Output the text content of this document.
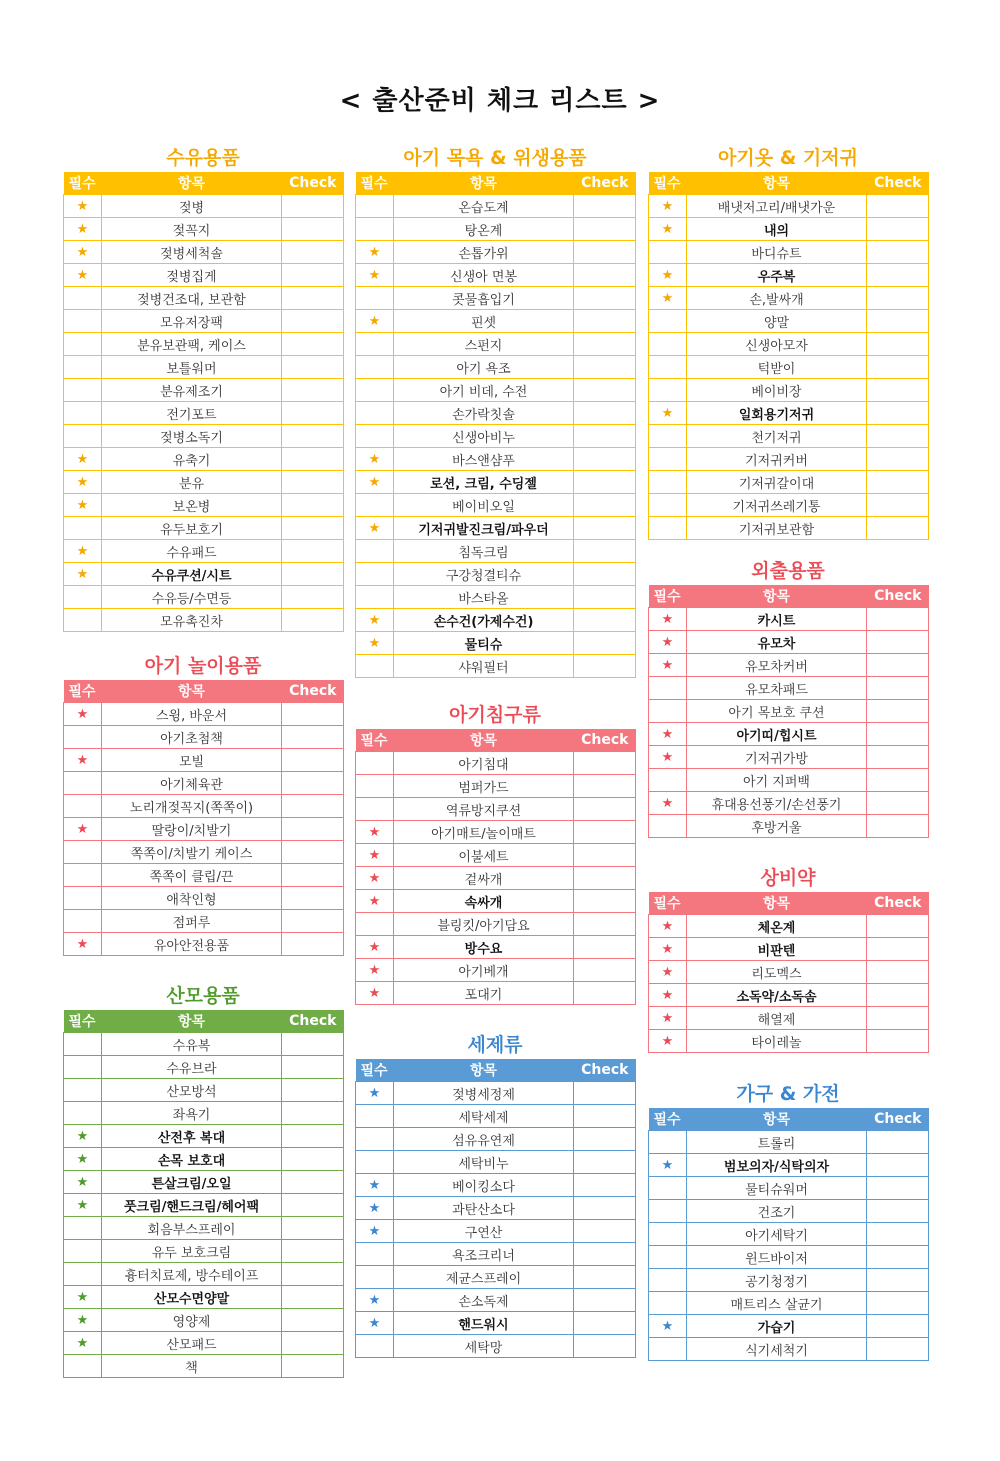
< 출산준비 체크 리스트 >
수유용품
필수	항목	Check
★	젖병	
★	젖꼭지	
★	젖병세척솔	
★	젖병집게	
	젖병건조대, 보관함	
	모유저장팩	
	분유보관팩, 케이스	
	보틀워머	
	분유제조기	
	전기포트	
	젖병소독기	
★	유축기	
★	분유	
★	보온병	
	유두보호기	
★	수유패드	
★	수유쿠션/시트	
	수유등/수면등	
	모유촉진차	
아기 목욕 & 위생용품
필수	항목	Check
	온습도계	
	탕온계	
★	손톱가위	
★	신생아 면봉	
	콧물흡입기	
★	핀셋	
	스펀지	
	아기 욕조	
	아기 비데, 수전	
	손가락칫솔	
	신생아비누	
★	바스앤샴푸	
★	로션, 크림, 수딩젤	
	베이비오일	
★	기저귀발진크림/파우더	
	침독크림	
	구강청결티슈	
	바스타올	
★	손수건(가제수건)	
★	물티슈	
	샤워필터	
아기옷 & 기저귀
필수	항목	Check
★	배냇저고리/배냇가운	
★	내의	
	바디슈트	
★	우주복	
★	손,발싸개	
	양말	
	신생아모자	
	턱받이	
	베이비장	
★	일회용기저귀	
	천기저귀	
	기저귀커버	
	기저귀갈이대	
	기저귀쓰레기통	
	기저귀보관함	
아기 놀이용품
필수	항목	Check
★	스윙, 바운서	
	아기초첨책	
★	모빌	
	아기체육관	
	노리개젖꼭지(쪽쪽이)	
★	딸랑이/치발기	
	쪽쪽이/치발기 케이스	
	쪽쪽이 클립/끈	
	애착인형	
	점퍼루	
★	유아안전용품	
아기침구류
필수	항목	Check
	아기침대	
	범퍼가드	
	역류방지쿠션	
★	아기매트/놀이매트	
★	이불세트	
★	겉싸개	
★	속싸개	
	블링킷/아기담요	
★	방수요	
★	아기베개	
★	포대기	
외출용품
필수	항목	Check
★	카시트	
★	유모차	
★	유모차커버	
	유모차패드	
	아기 목보호 쿠션	
★	아기띠/힙시트	
★	기저귀가방	
	아기 지퍼백	
★	휴대용선풍기/손선풍기	
	후방거울	
상비약
필수	항목	Check
★	체온계	
★	비판텐	
★	리도멕스	
★	소독약/소독솜	
★	해열제	
★	타이레놀	
산모용품
필수	항목	Check
	수유복	
	수유브라	
	산모방석	
	좌욕기	
★	산전후 복대	
★	손목 보호대	
★	튼살크림/오일	
★	풋크림/핸드크림/헤어팩	
	회음부스프레이	
	유두 보호크림	
	흉터치료제, 방수테이프	
★	산모수면양말	
★	영양제	
★	산모패드	
	책	
세제류
필수	항목	Check
★	젖병세정제	
	세탁세제	
	섬유유연제	
	세탁비누	
★	베이킹소다	
★	과탄산소다	
★	구연산	
	욕조크리너	
	제균스프레이	
★	손소독제	
★	핸드워시	
	세탁망	
가구 & 가전
필수	항목	Check
	트롤리	
★	범보의자/식탁의자	
	물티슈워머	
	건조기	
	아기세탁기	
	윈드바이저	
	공기청정기	
	매트리스 살균기	
★	가습기	
	식기세척기	
